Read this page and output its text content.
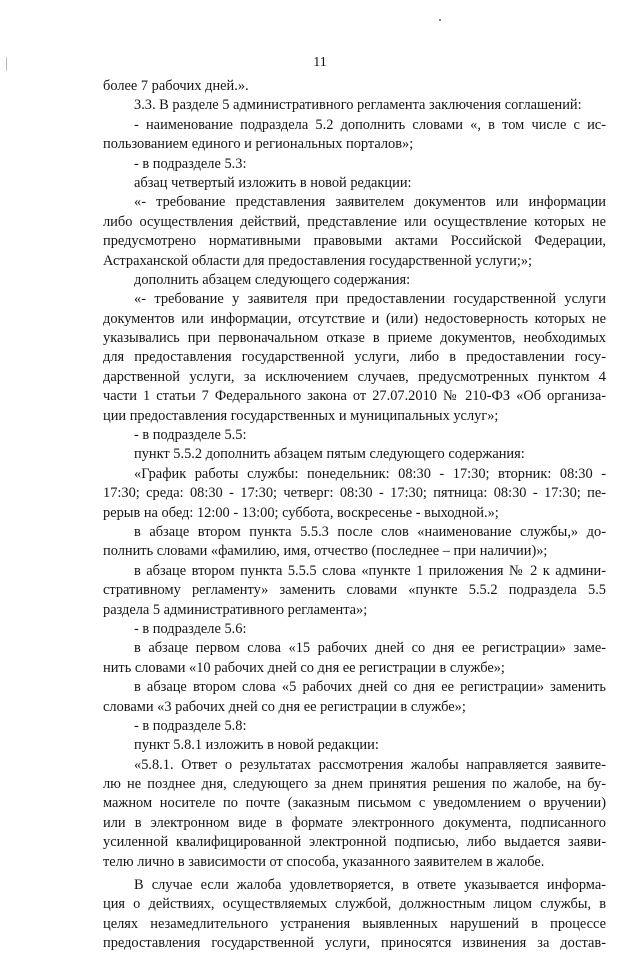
11
более 7 рабочих дней.».
3.3. В разделе 5 административного регламента заключения соглашений:
- наименование подраздела 5.2 дополнить словами «, в том числе с ис-
пользованием единого и региональных порталов»;
- в подразделе 5.3:
абзац четвертый изложить в новой редакции:
«- требование представления заявителем документов или информации
либо осуществления действий, представление или осуществление которых не
предусмотрено нормативными правовыми актами Российской Федерации,
Астраханской области для предоставления государственной услуги;»;
дополнить абзацем следующего содержания:
«- требование у заявителя при предоставлении государственной услуги
документов или информации, отсутствие и (или) недостоверность которых не
указывались при первоначальном отказе в приеме документов, необходимых
для предоставления государственной услуги, либо в предоставлении госу-
дарственной услуги, за исключением случаев, предусмотренных пунктом 4
части 1 статьи 7 Федерального закона от 27.07.2010 № 210-ФЗ «Об организа-
ции предоставления государственных и муниципальных услуг»;
- в подразделе 5.5:
пункт 5.5.2 дополнить абзацем пятым следующего содержания:
«График работы службы: понедельник: 08:30 - 17:30; вторник: 08:30 -
17:30; среда: 08:30 - 17:30; четверг: 08:30 - 17:30; пятница: 08:30 - 17:30; пе-
рерыв на обед: 12:00 - 13:00; суббота, воскресенье - выходной.»;
в абзаце втором пункта 5.5.3 после слов «наименование службы,» до-
полнить словами «фамилию, имя, отчество (последнее – при наличии)»;
в абзаце втором пункта 5.5.5 слова «пункте 1 приложения № 2 к админи-
стративному регламенту» заменить словами «пункте 5.5.2 подраздела 5.5
раздела 5 административного регламента»;
- в подразделе 5.6:
в абзаце первом слова «15 рабочих дней со дня ее регистрации» заме-
нить словами «10 рабочих дней со дня ее регистрации в службе»;
в абзаце втором слова «5 рабочих дней со дня ее регистрации» заменить
словами «3 рабочих дней со дня ее регистрации в службе»;
- в подразделе 5.8:
пункт 5.8.1 изложить в новой редакции:
«5.8.1. Ответ о результатах рассмотрения жалобы направляется заявите-
лю не позднее дня, следующего за днем принятия решения по жалобе, на бу-
мажном носителе по почте (заказным письмом с уведомлением о вручении)
или в электронном виде в формате электронного документа, подписанного
усиленной квалифицированной электронной подписью, либо выдается заяви-
телю лично в зависимости от способа, указанного заявителем в жалобе.
В случае если жалоба удовлетворяется, в ответе указывается информа-
ция о действиях, осуществляемых службой, должностным лицом службы, в
целях незамедлительного устранения выявленных нарушений в процессе
предоставления государственной услуги, приносятся извинения за достав-
